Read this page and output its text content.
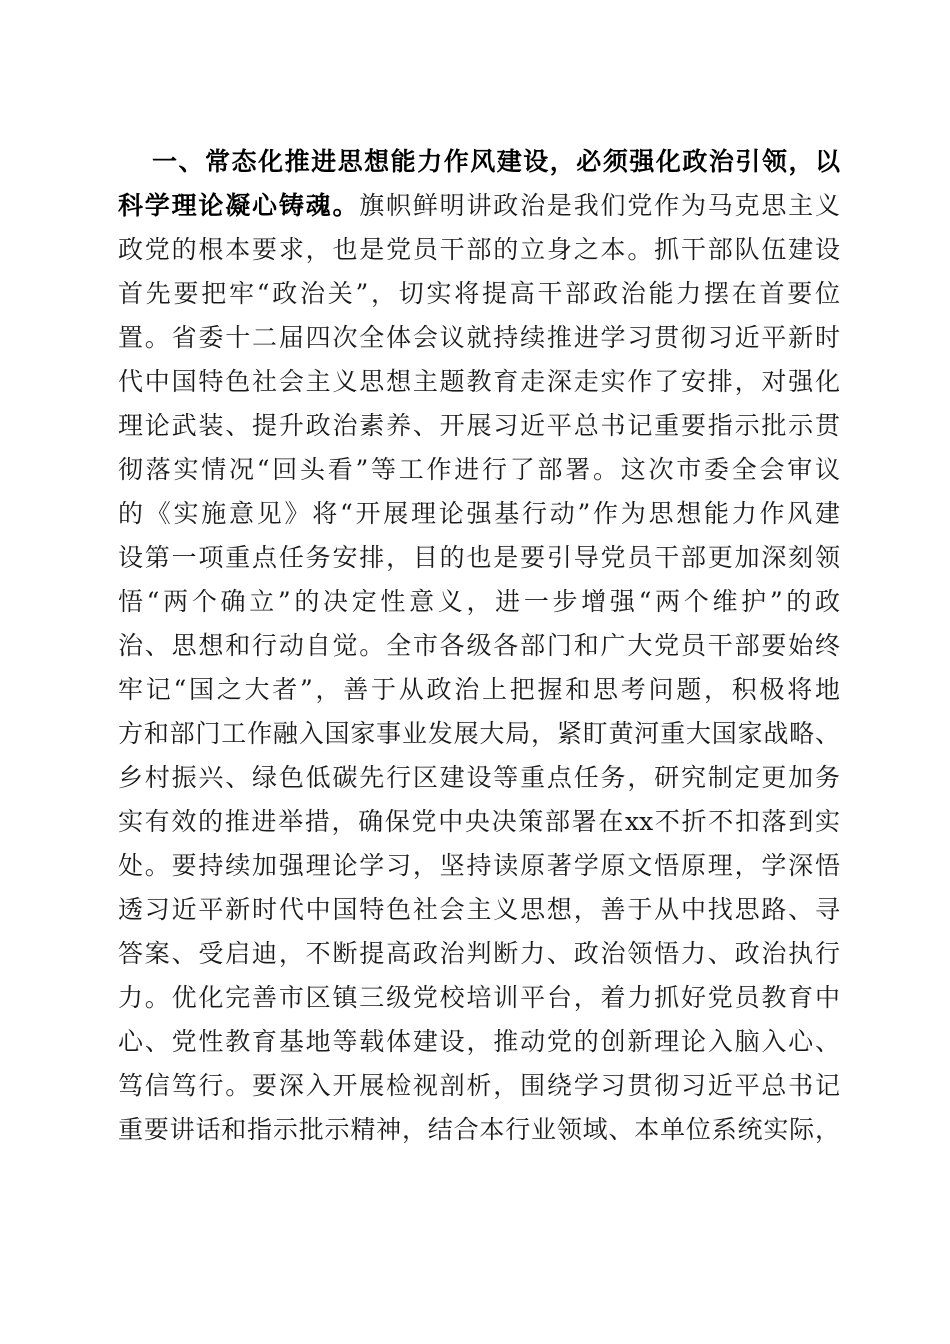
一、常态化推进思想能力作风建设，必须强化政治引领，以
科学理论凝心铸魂。旗帜鲜明讲政治是我们党作为马克思主义
政党的根本要求，也是党员干部的立身之本。抓干部队伍建设
首先要把牢“政治关”，切实将提高干部政治能力摆在首要位
置。省委十二届四次全体会议就持续推进学习贯彻习近平新时
代中国特色社会主义思想主题教育走深走实作了安排，对强化
理论武装、提升政治素养、开展习近平总书记重要指示批示贯
彻落实情况“回头看”等工作进行了部署。这次市委全会审议
的《实施意见》将“开展理论强基行动”作为思想能力作风建
设第一项重点任务安排，目的也是要引导党员干部更加深刻领
悟“两个确立”的决定性意义，进一步增强“两个维护”的政
治、思想和行动自觉。全市各级各部门和广大党员干部要始终
牢记“国之大者”，善于从政治上把握和思考问题，积极将地
方和部门工作融入国家事业发展大局，紧盯黄河重大国家战略、
乡村振兴、绿色低碳先行区建设等重点任务，研究制定更加务
实有效的推进举措，确保党中央决策部署在xx不折不扣落到实
处。要持续加强理论学习，坚持读原著学原文悟原理，学深悟
透习近平新时代中国特色社会主义思想，善于从中找思路、寻
答案、受启迪，不断提高政治判断力、政治领悟力、政治执行
力。优化完善市区镇三级党校培训平台，着力抓好党员教育中
心、党性教育基地等载体建设，推动党的创新理论入脑入心、
笃信笃行。要深入开展检视剖析，围绕学习贯彻习近平总书记
重要讲话和指示批示精神，结合本行业领域、本单位系统实际，
